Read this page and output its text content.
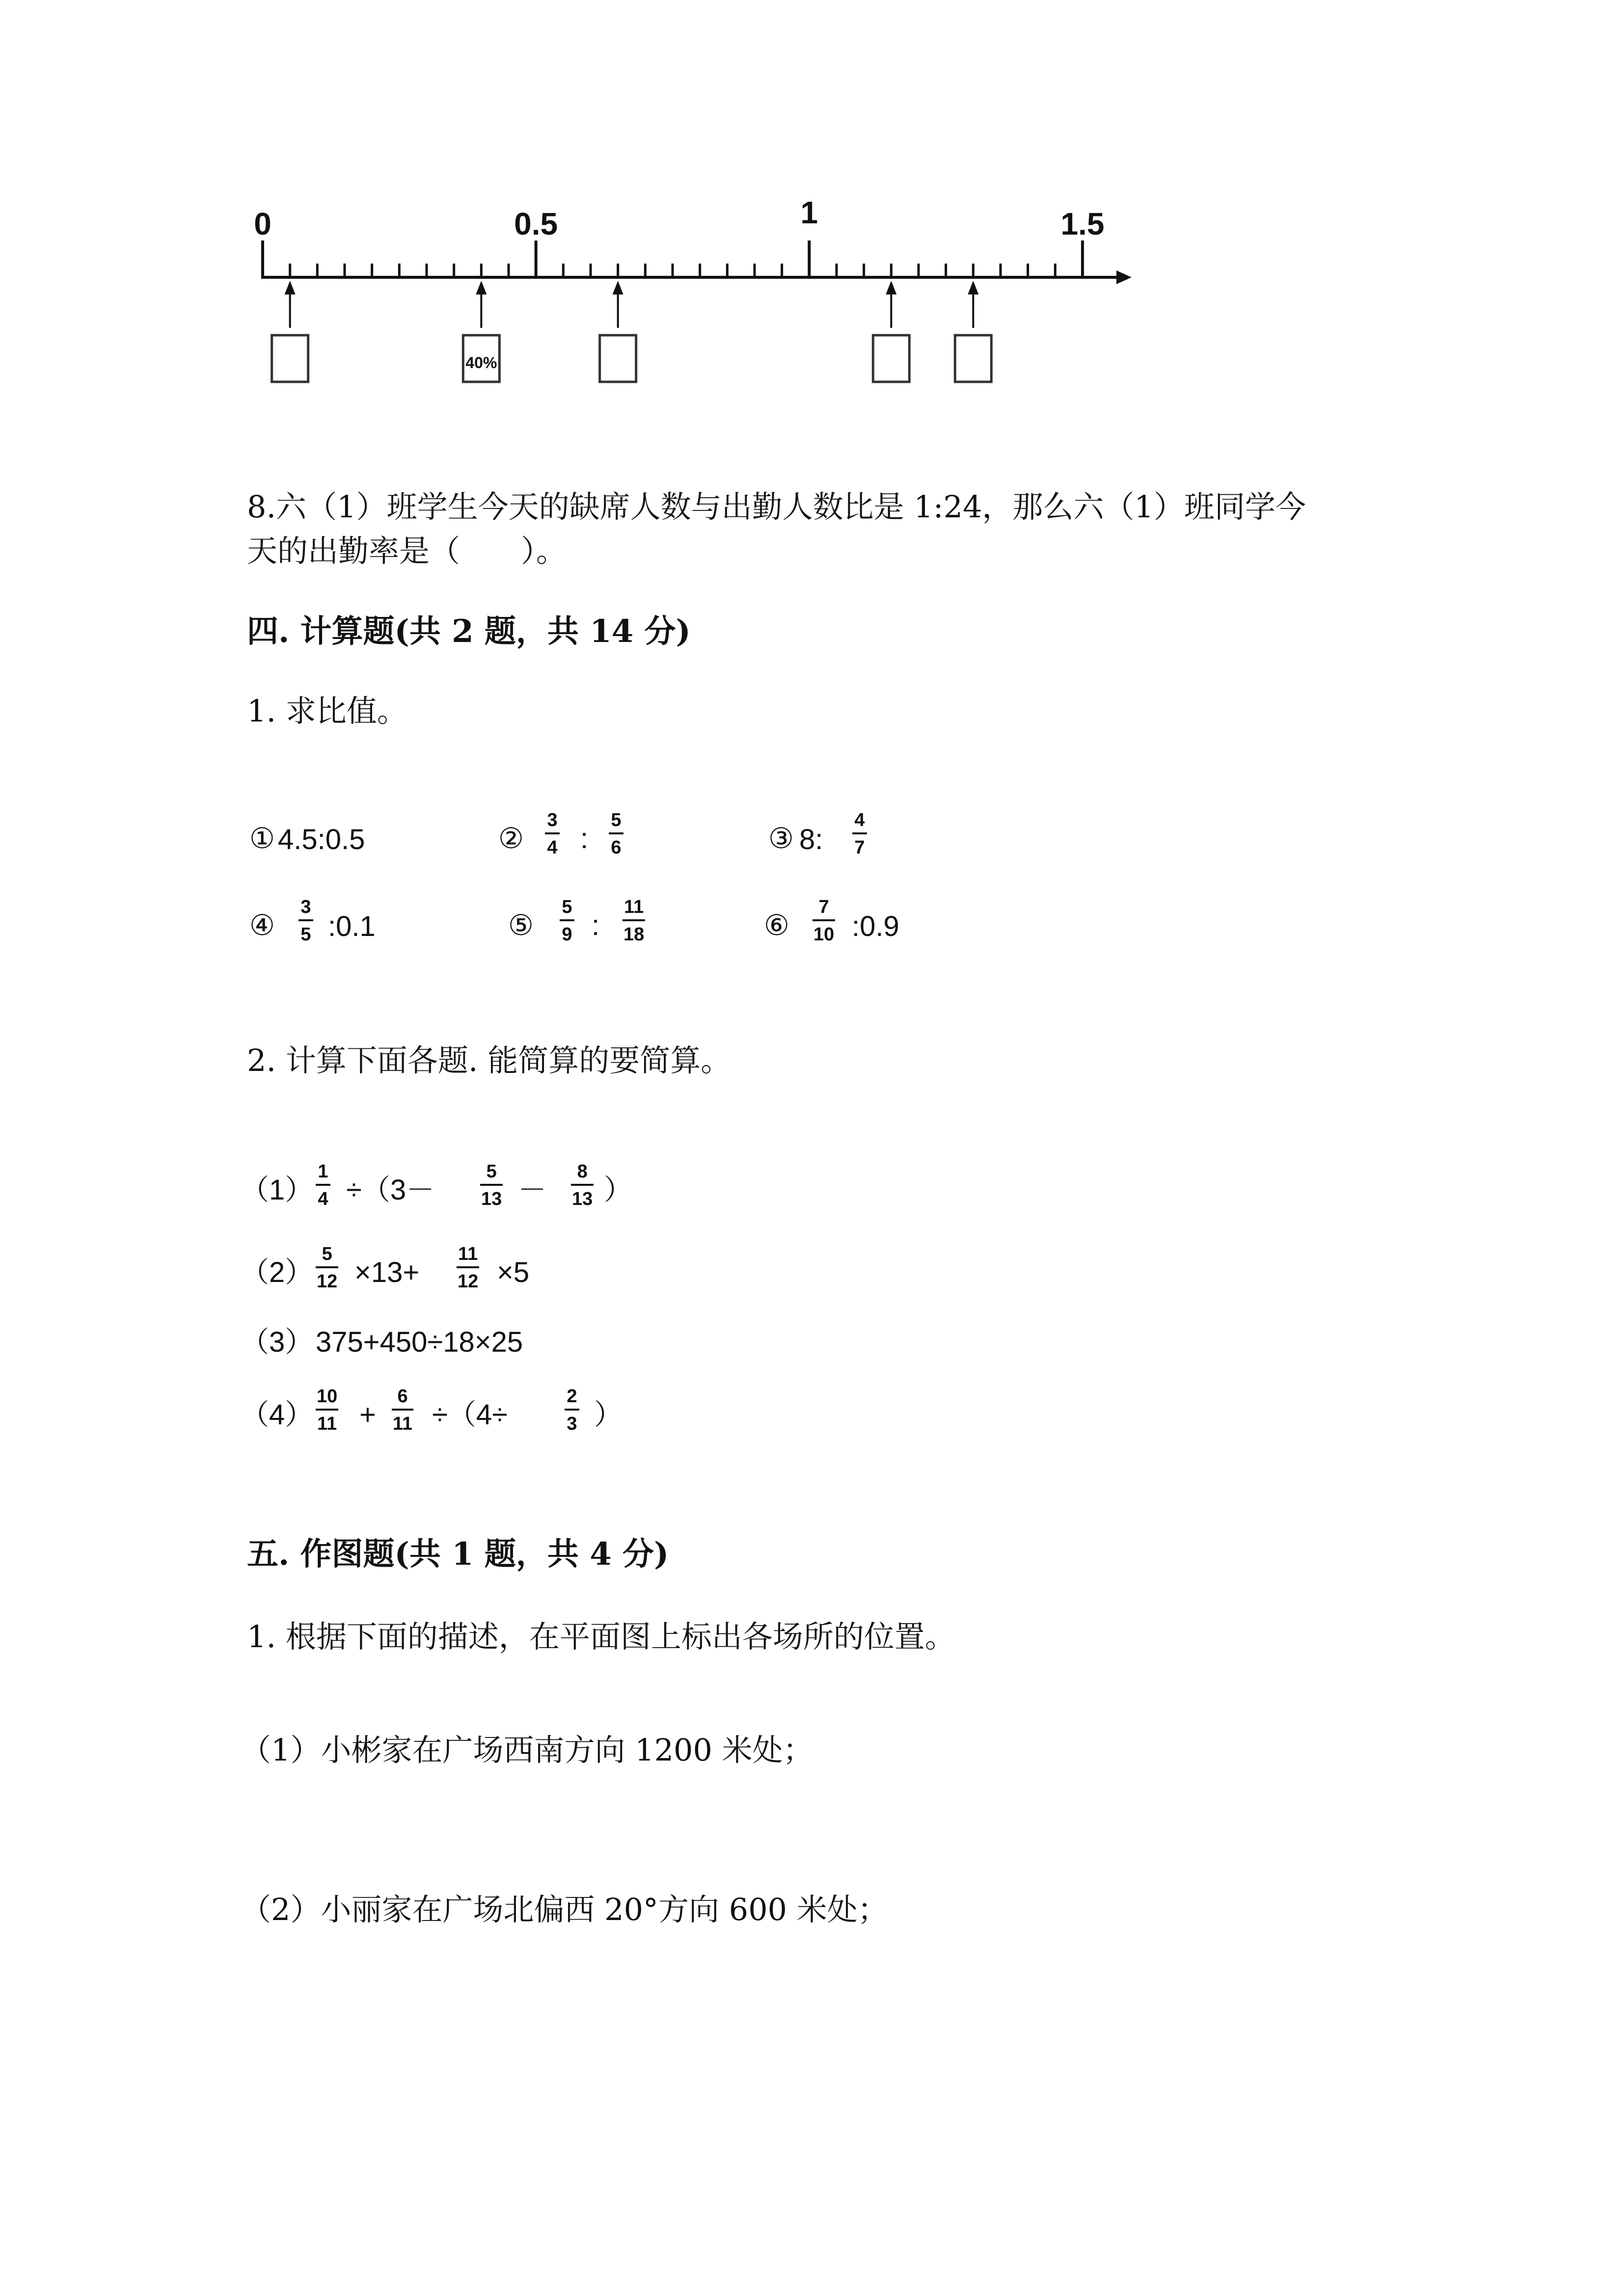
0	0.5	1	1.5
40%
8.六（1）班学生今天的缺席人数与出勤人数比是 1:24，那么六（1）班同学今
天的出勤率是（　　）。
四. 计算题(共 2 题，共 14 分)
1. 求比值。
① 4.5:0.5	②
3
4 :
5
6	③ 8:
4
7
④
3
5 :0.1	⑤
5
9 :
11
18	⑥
7
10 :0.9
2. 计算下面各题. 能简算的要简算。
（1）
1
4 ÷（3－
5
13 －
8
13 ）
（2）
5
12 ×13+
11
12 ×5
（3） 375+450÷18×25
（4）
10
11 +
6
11 ÷（4÷
2
3 ）
五. 作图题(共 1 题，共 4 分)
1. 根据下面的描述，在平面图上标出各场所的位置。
（1）小彬家在广场西南方向 1200 米处；
（2）小丽家在广场北偏西 20°方向 600 米处；
